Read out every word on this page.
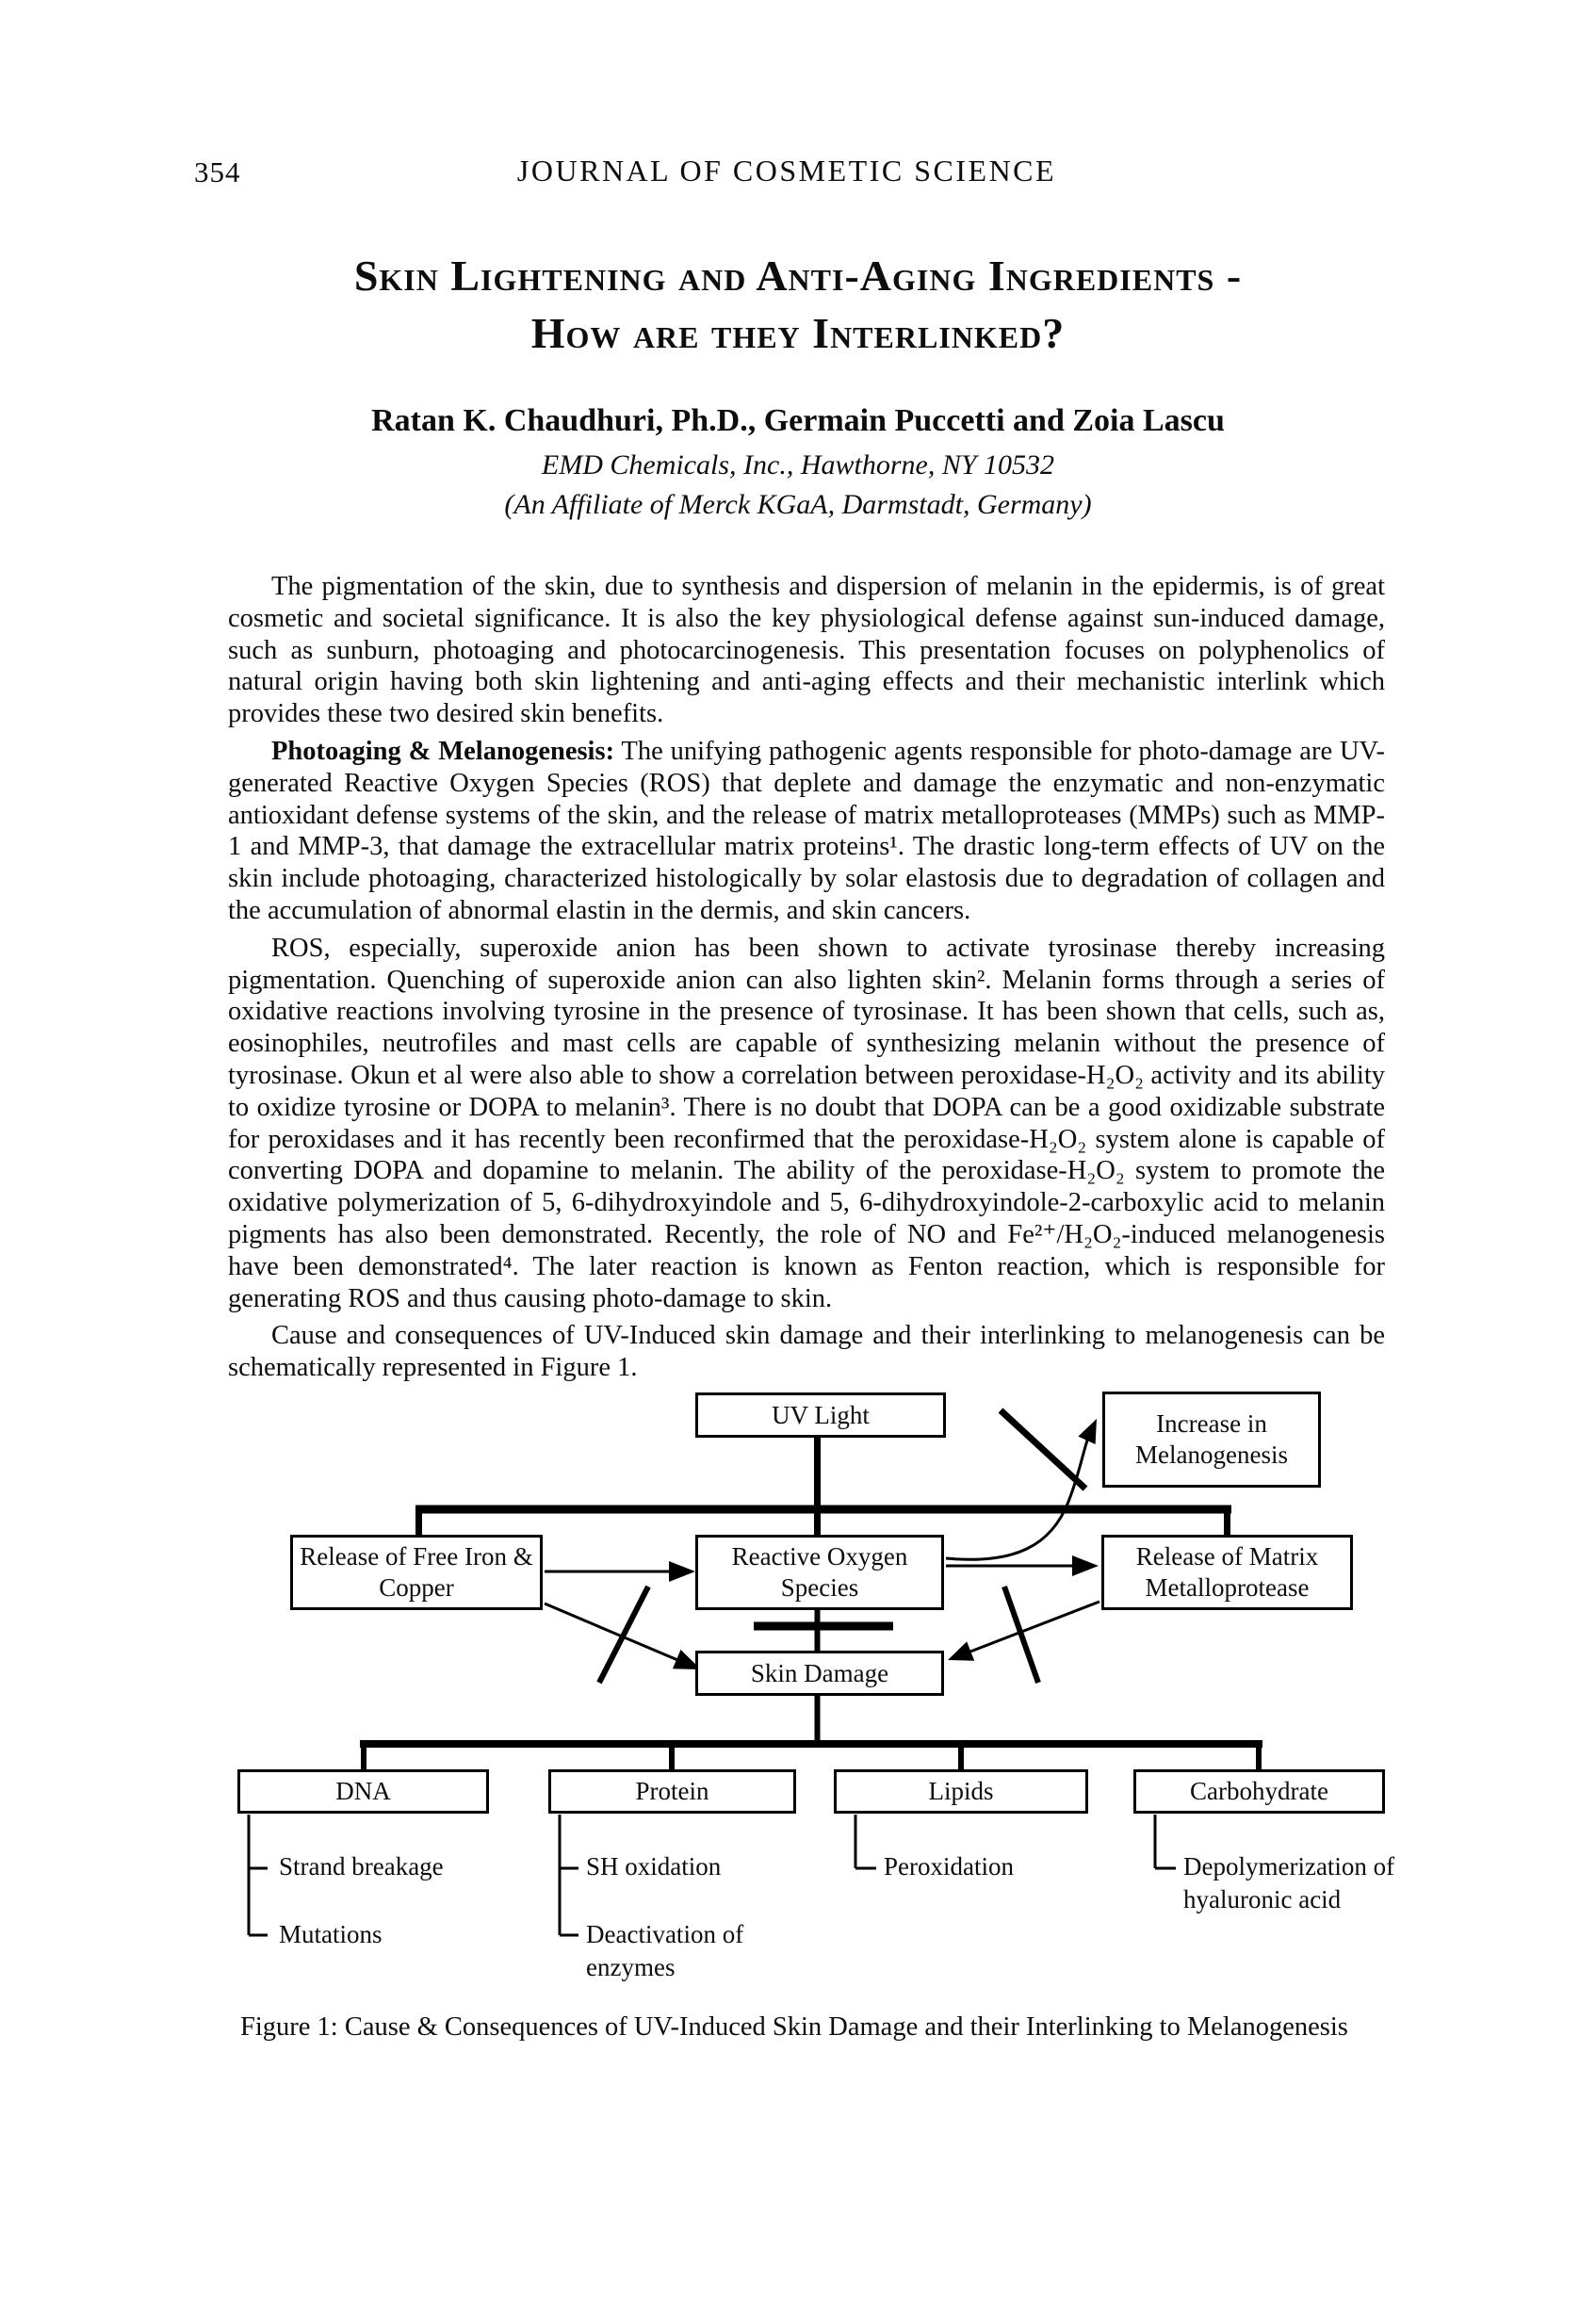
354	JOURNAL OF COSMETIC SCIENCE
Skin Lightening and Anti-Aging Ingredients -
How are they Interlinked?
Ratan K. Chaudhuri, Ph.D., Germain Puccetti and Zoia Lascu
EMD Chemicals, Inc., Hawthorne, NY 10532
(An Affiliate of Merck KGaA, Darmstadt, Germany)

The pigmentation of the skin, due to synthesis and dispersion of melanin in the epidermis, is of great cosmetic and societal significance. It is also the key physiological defense against sun-induced damage, such as sunburn, photoaging and photocarcinogenesis. This presentation focuses on polyphenolics of natural origin having both skin lightening and anti-aging effects and their mechanistic interlink which provides these two desired skin benefits.

Photoaging & Melanogenesis: The unifying pathogenic agents responsible for photo-damage are UV-generated Reactive Oxygen Species (ROS) that deplete and damage the enzymatic and non-enzymatic antioxidant defense systems of the skin, and the release of matrix metalloproteases (MMPs) such as MMP-1 and MMP-3, that damage the extracellular matrix proteins¹. The drastic long-term effects of UV on the skin include photoaging, characterized histologically by solar elastosis due to degradation of collagen and the accumulation of abnormal elastin in the dermis, and skin cancers.

ROS, especially, superoxide anion has been shown to activate tyrosinase thereby increasing pigmentation. Quenching of superoxide anion can also lighten skin². Melanin forms through a series of oxidative reactions involving tyrosine in the presence of tyrosinase. It has been shown that cells, such as, eosinophiles, neutrofiles and mast cells are capable of synthesizing melanin without the presence of tyrosinase. Okun et al were also able to show a correlation between peroxidase-H₂O₂ activity and its ability to oxidize tyrosine or DOPA to melanin³. There is no doubt that DOPA can be a good oxidizable substrate for peroxidases and it has recently been reconfirmed that the peroxidase-H₂O₂ system alone is capable of converting DOPA and dopamine to melanin. The ability of the peroxidase-H₂O₂ system to promote the oxidative polymerization of 5, 6-dihydroxyindole and 5, 6-dihydroxyindole-2-carboxylic acid to melanin pigments has also been demonstrated. Recently, the role of NO and Fe²⁺/H₂O₂-induced melanogenesis have been demonstrated⁴. The later reaction is known as Fenton reaction, which is responsible for generating ROS and thus causing photo-damage to skin.

Cause and consequences of UV-Induced skin damage and their interlinking to melanogenesis can be schematically represented in Figure 1.

UV Light	Increase in Melanogenesis
Release of Free Iron & Copper
Reactive Oxygen Species
Release of Matrix Metalloprotease
Skin Damage
DNA	Protein	Lipids	Carbohydrate
Strand breakage
Mutations
SH oxidation
Deactivation of enzymes
Peroxidation	Depolymerization of hyaluronic acid
Figure 1: Cause & Consequences of UV-Induced Skin Damage and their Interlinking to Melanogenesis
